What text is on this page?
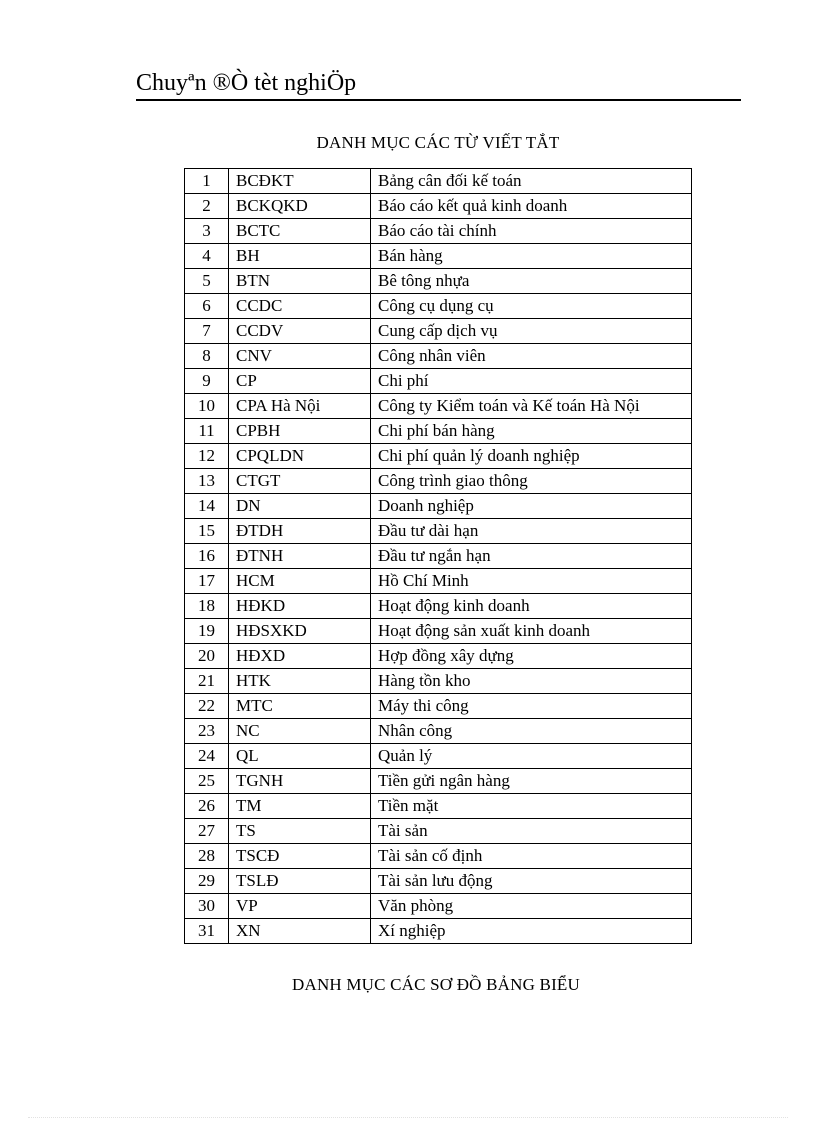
Chuyªn ®Ò tèt nghiÖp
DANH MỤC CÁC TỪ VIẾT TẮT
1	BCĐKT	Bảng cân đối kế toán
2	BCKQKD	Báo cáo kết quả kinh doanh
3	BCTC	Báo cáo tài chính
4	BH	Bán hàng
5	BTN	Bê tông nhựa
6	CCDC	Công cụ dụng cụ
7	CCDV	Cung cấp dịch vụ
8	CNV	Công nhân viên
9	CP	Chi phí
10	CPA Hà Nội	Công ty Kiểm toán và Kế toán Hà Nội
11	CPBH	Chi phí bán hàng
12	CPQLDN	Chi phí quản lý doanh nghiệp
13	CTGT	Công trình giao thông
14	DN	Doanh nghiệp
15	ĐTDH	Đầu tư dài hạn
16	ĐTNH	Đầu tư ngắn hạn
17	HCM	Hồ Chí Minh
18	HĐKD	Hoạt động kinh doanh
19	HĐSXKD	Hoạt động sản xuất kinh doanh
20	HĐXD	Hợp đồng xây dựng
21	HTK	Hàng tồn kho
22	MTC	Máy thi công
23	NC	Nhân công
24	QL	Quản lý
25	TGNH	Tiền gửi ngân hàng
26	TM	Tiền mặt
27	TS	Tài sản
28	TSCĐ	Tài sản cố định
29	TSLĐ	Tài sản lưu động
30	VP	Văn phòng
31	XN	Xí nghiệp
DANH MỤC CÁC SƠ ĐỒ BẢNG BIỂU
